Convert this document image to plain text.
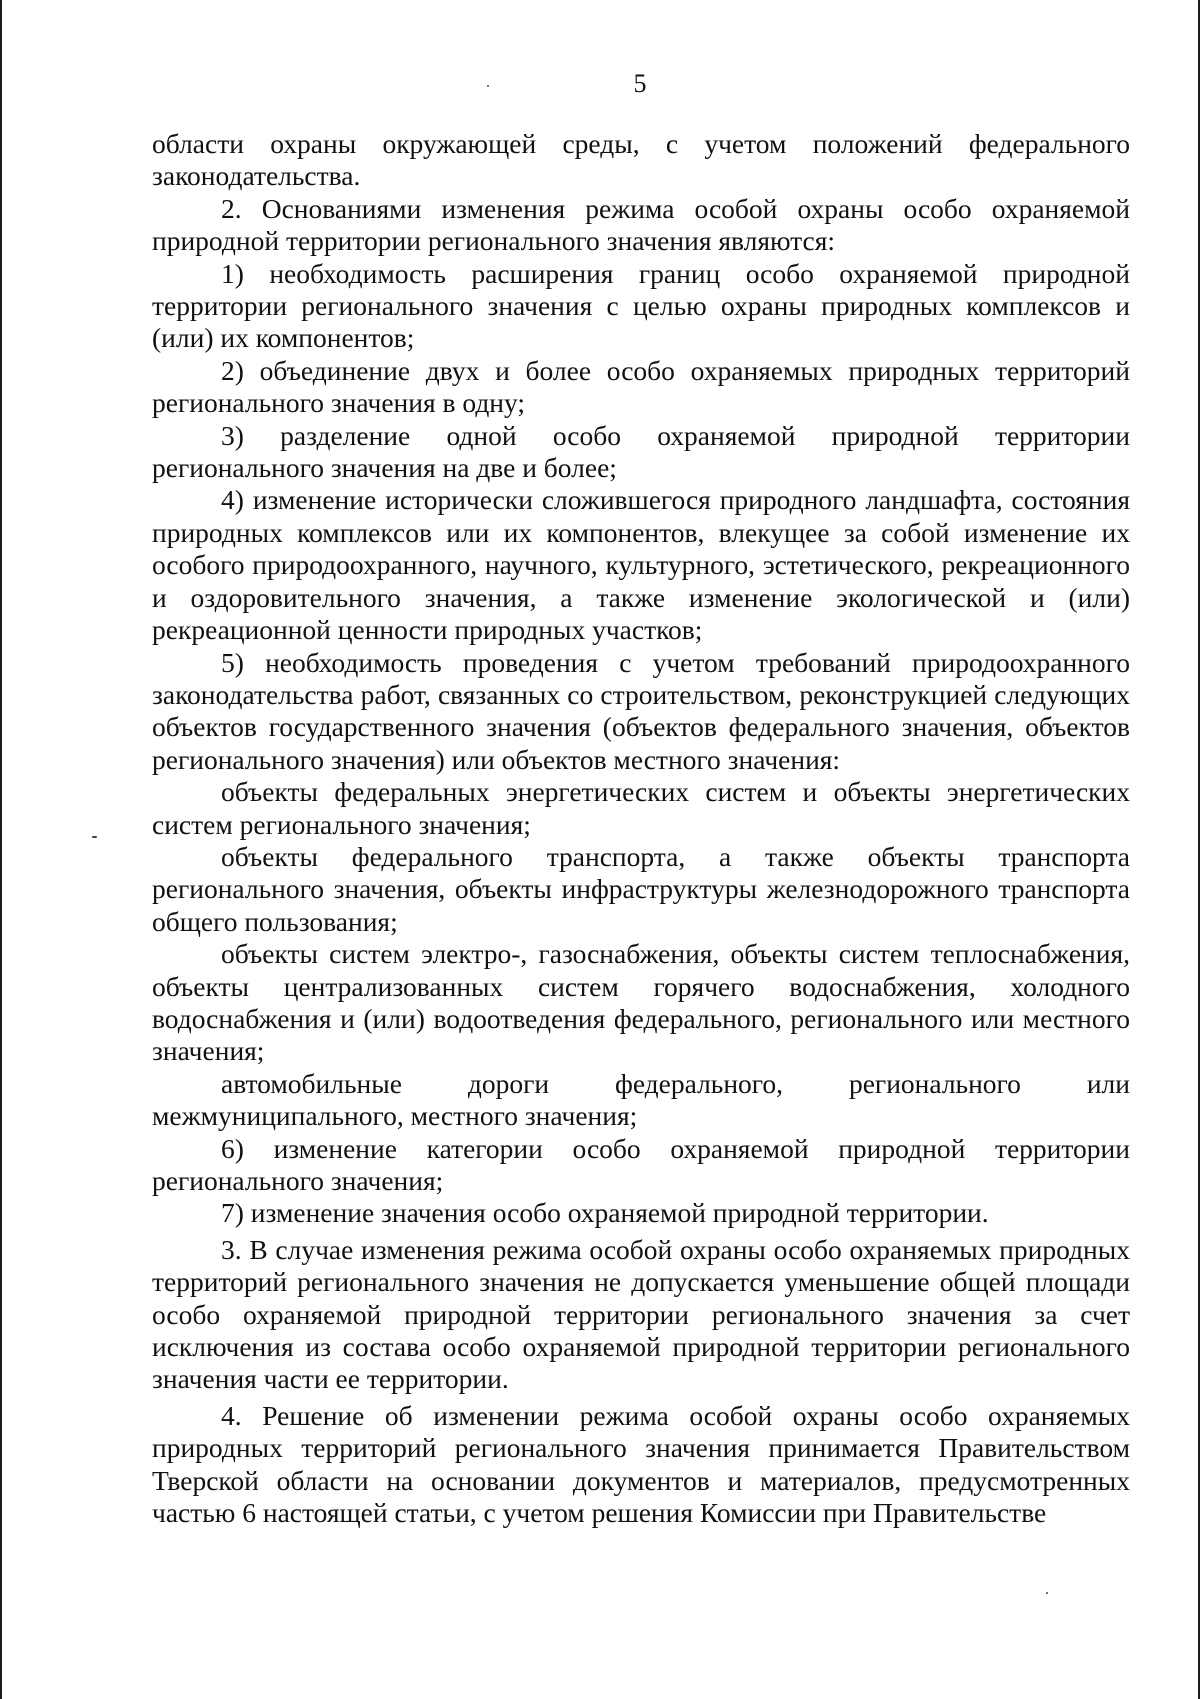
5

области охраны окружающей среды, с учетом положений федерального законодательства.

2. Основаниями изменения режима особой охраны особо охраняемой природной территории регионального значения являются:

1) необходимость расширения границ особо охраняемой природной территории регионального значения с целью охраны природных комплексов и (или) их компонентов;

2) объединение двух и более особо охраняемых природных территорий регионального значения в одну;

3) разделение одной особо охраняемой природной территории регионального значения на две и более;

4) изменение исторически сложившегося природного ландшафта, состояния природных комплексов или их компонентов, влекущее за собой изменение их особого природоохранного, научного, культурного, эстетического, рекреационного и оздоровительного значения, а также изменение экологической и (или) рекреационной ценности природных участков;

5) необходимость проведения с учетом требований природоохранного законодательства работ, связанных со строительством, реконструкцией следующих объектов государственного значения (объектов федерального значения, объектов регионального значения) или объектов местного значения:

объекты федеральных энергетических систем и объекты энергетических систем регионального значения;

объекты федерального транспорта, а также объекты транспорта регионального значения, объекты инфраструктуры железнодорожного транспорта общего пользования;

объекты систем электро-, газоснабжения, объекты систем теплоснабжения, объекты централизованных систем горячего водоснабжения, холодного водоснабжения и (или) водоотведения федерального, регионального или местного значения;

автомобильные дороги федерального, регионального или межмуниципального, местного значения;

6) изменение категории особо охраняемой природной территории регионального значения;

7) изменение значения особо охраняемой природной территории.

3. В случае изменения режима особой охраны особо охраняемых природных территорий регионального значения не допускается уменьшение общей площади особо охраняемой природной территории регионального значения за счет исключения из состава особо охраняемой природной территории регионального значения части ее территории.

4. Решение об изменении режима особой охраны особо охраняемых природных территорий регионального значения принимается Правительством Тверской области на основании документов и материалов, предусмотренных частью 6 настоящей статьи, с учетом решения Комиссии при Правительстве
